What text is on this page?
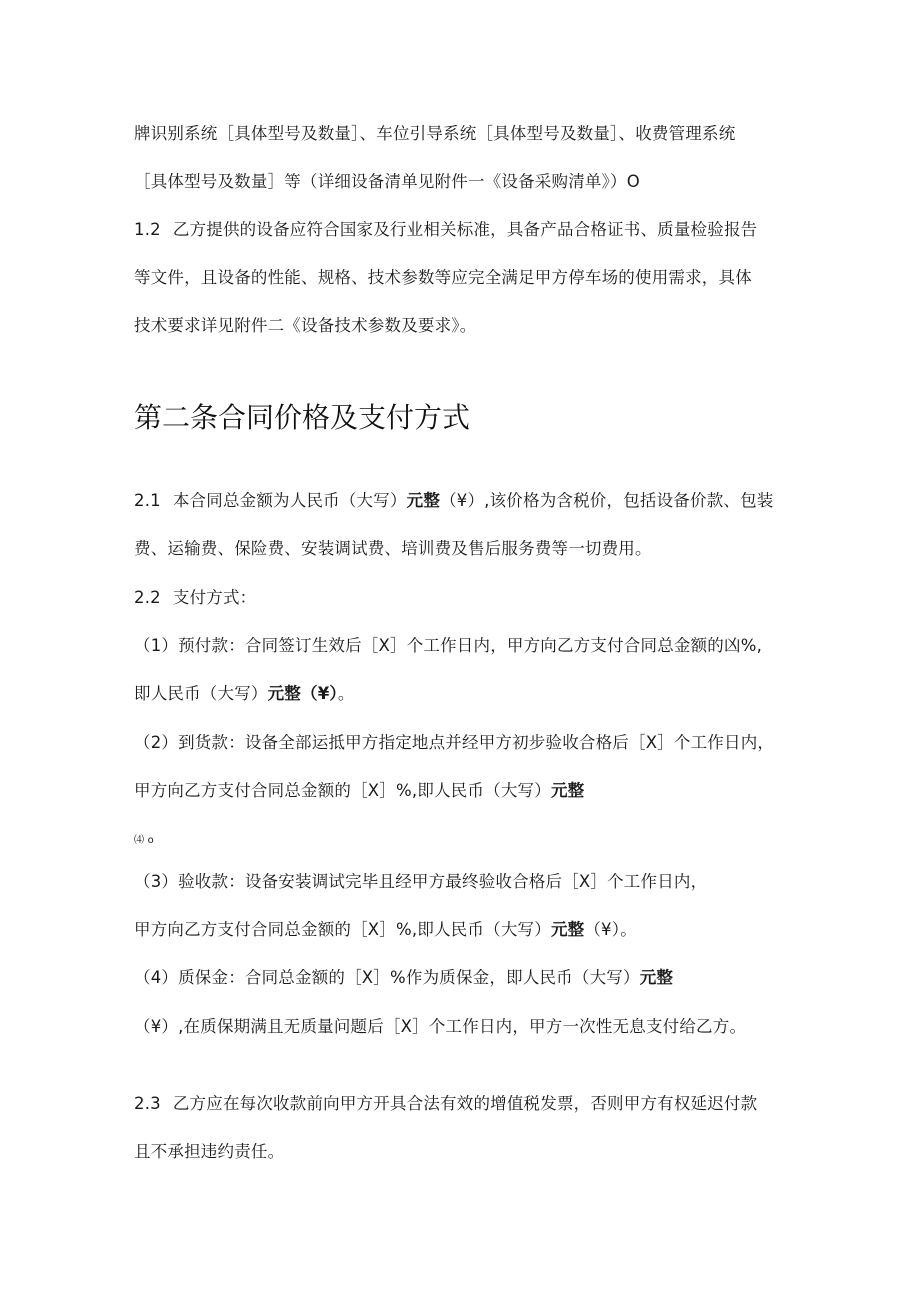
牌识别系统［具体型号及数量］、车位引导系统［具体型号及数量］、收费管理系统
［具体型号及数量］等（详细设备清单见附件一《设备采购清单》）O
1.2 乙方提供的设备应符合国家及行业相关标准，具备产品合格证书、质量检验报告
等文件，且设备的性能、规格、技术参数等应完全满足甲方停车场的使用需求，具体
技术要求详见附件二《设备技术参数及要求》。
第二条合同价格及支付方式
2.1 本合同总金额为人民币（大写）元整（¥）,该价格为含税价，包括设备价款、包装
费、运输费、保险费、安装调试费、培训费及售后服务费等一切费用。
2.2 支付方式：
（1）预付款：合同签订生效后［X］个工作日内，甲方向乙方支付合同总金额的凶%,
即人民币（大写）元整（¥）。
（2）到货款：设备全部运抵甲方指定地点并经甲方初步验收合格后［X］个工作日内，
甲方向乙方支付合同总金额的［X］%,即人民币（大写）元整
⑷ o
（3）验收款：设备安装调试完毕且经甲方最终验收合格后［X］个工作日内，
甲方向乙方支付合同总金额的［X］%,即人民币（大写）元整（¥）。
（4）质保金：合同总金额的［X］%作为质保金，即人民币（大写）元整
（¥）,在质保期满且无质量问题后［X］个工作日内，甲方一次性无息支付给乙方。
2.3 乙方应在每次收款前向甲方开具合法有效的增值税发票，否则甲方有权延迟付款
且不承担违约责任。
